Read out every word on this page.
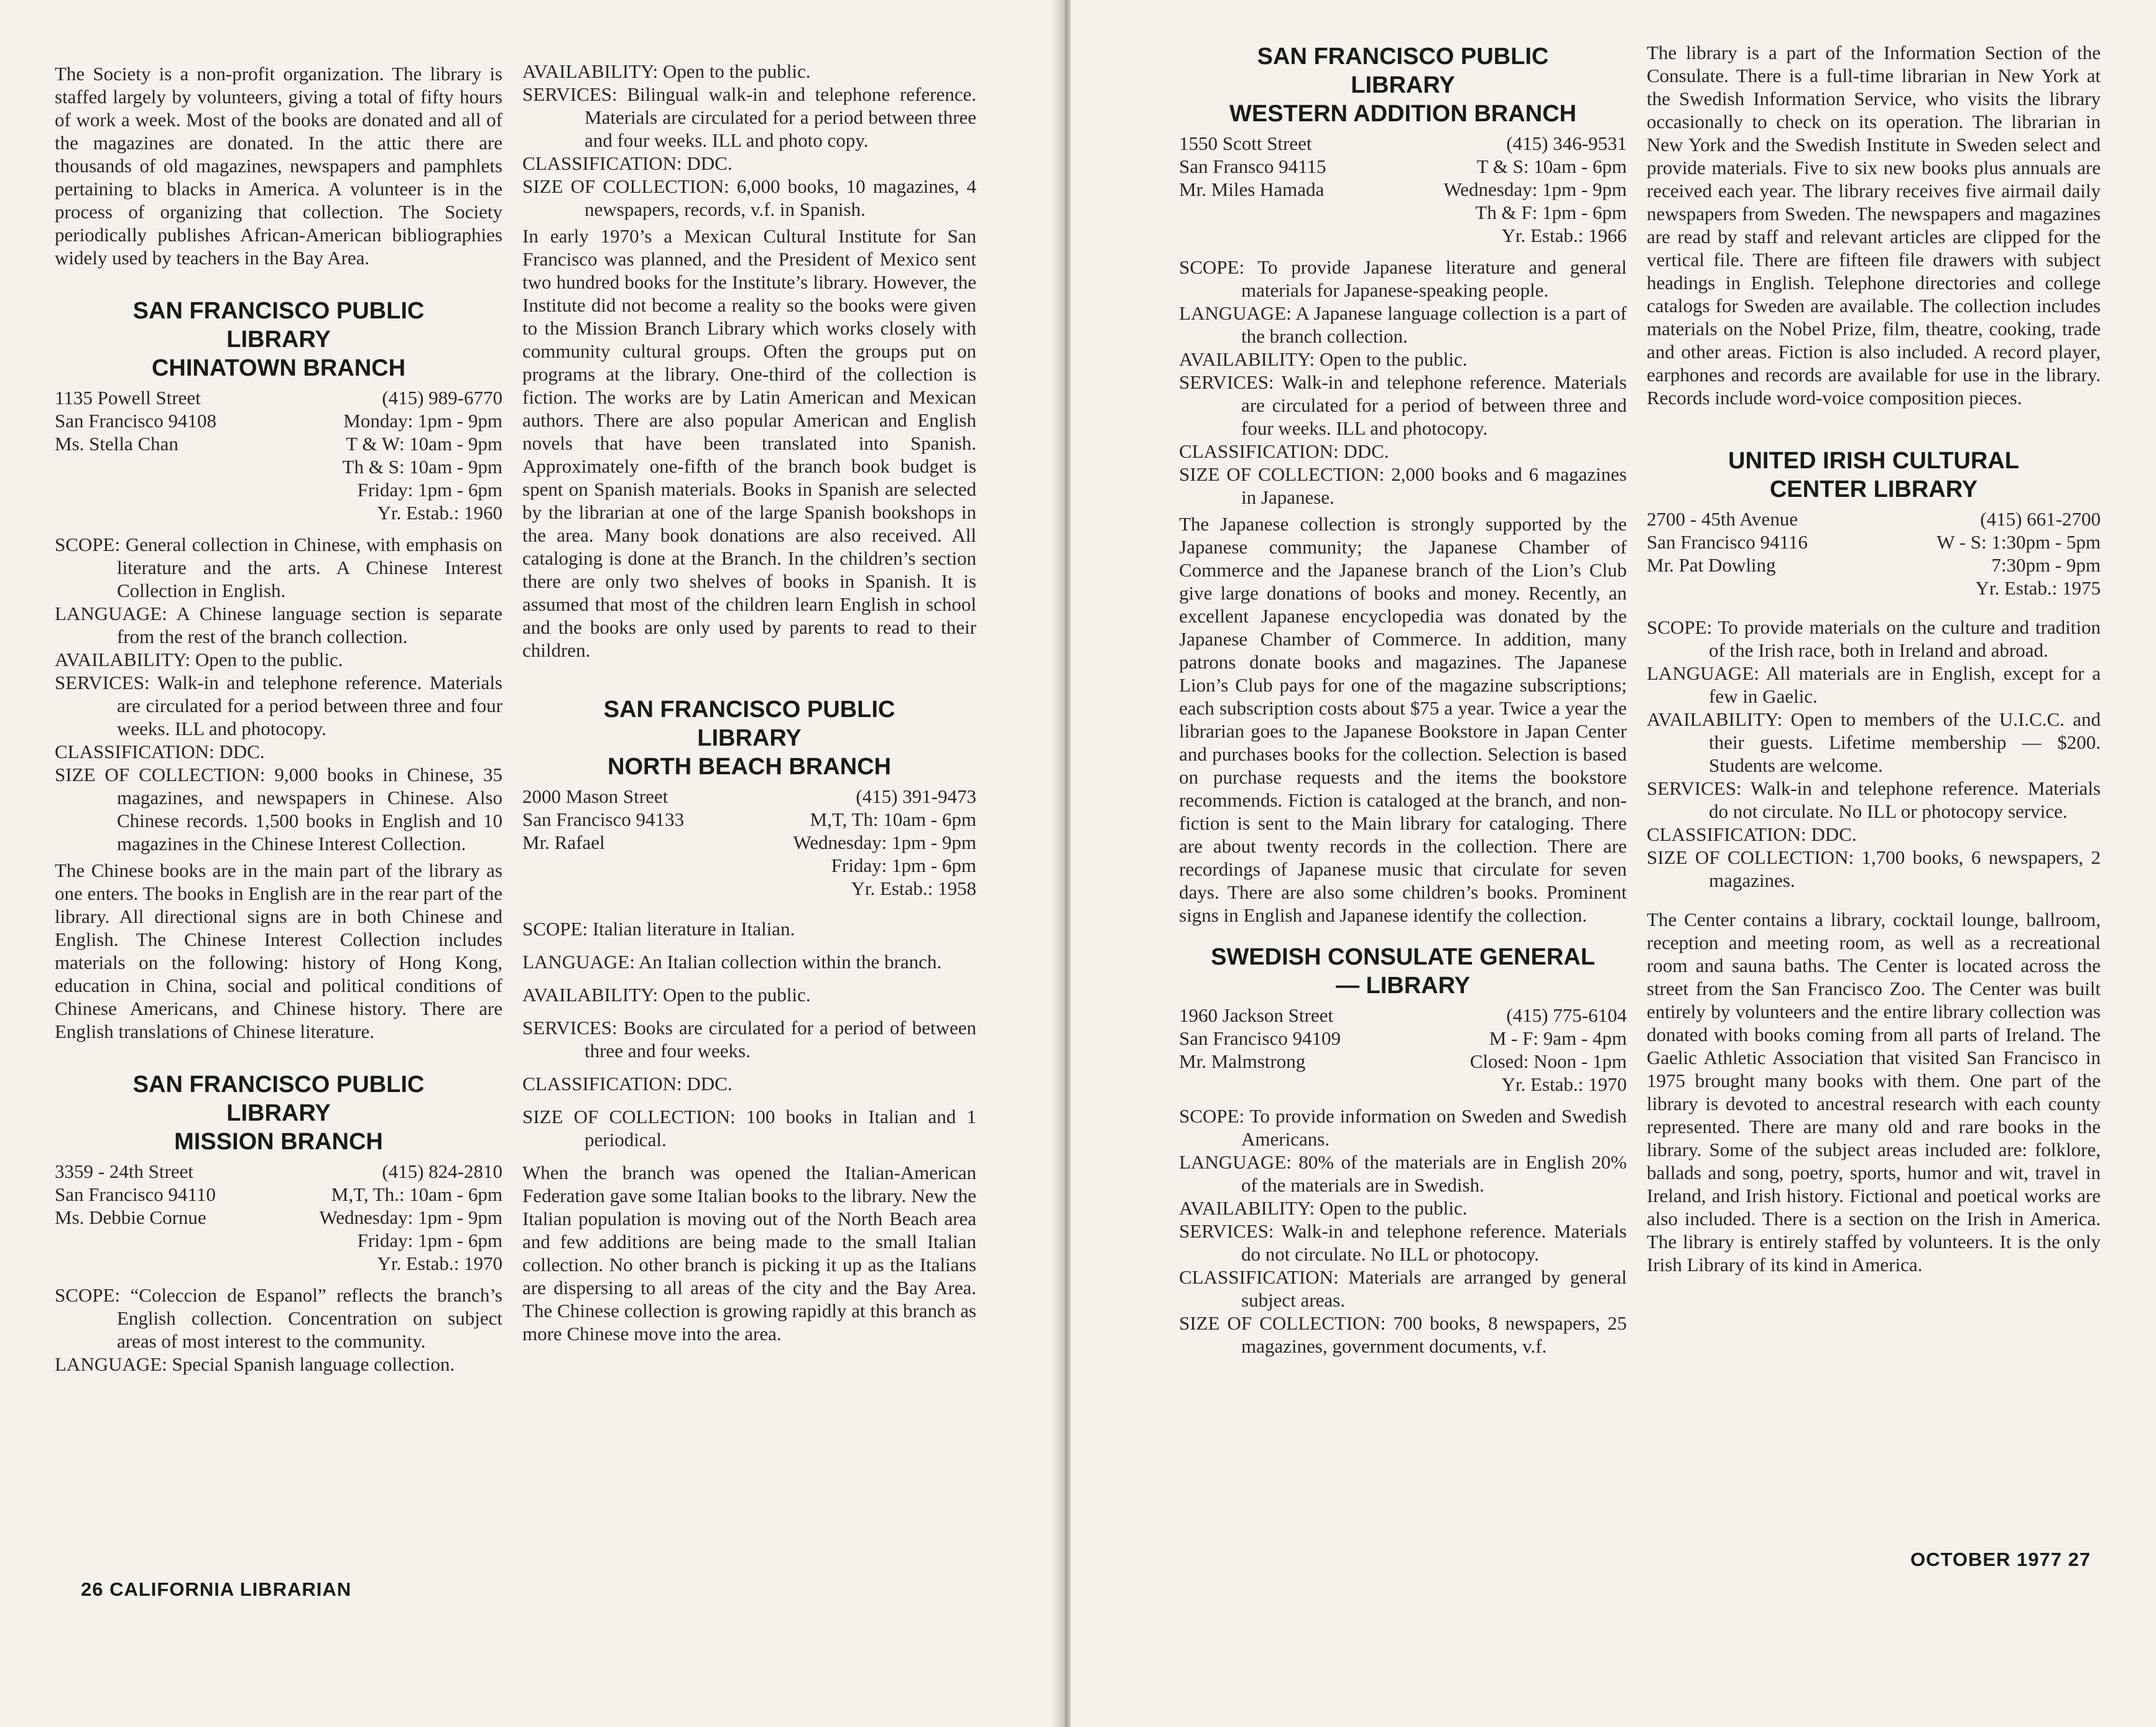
The Society is a non-profit organization. The library is staffed largely by volunteers, giving a total of fifty hours of work a week. Most of the books are donated and all of the magazines are donated. In the attic there are thousands of old magazines, newspapers and pamphlets pertaining to blacks in America. A volunteer is in the process of organizing that collection. The Society periodically publishes African-American bibliographies widely used by teachers in the Bay Area.

SAN FRANCISCO PUBLIC
LIBRARY
CHINATOWN BRANCH
1135 Powell Street
San Francisco 94108
Ms. Stella Chan
(415) 989-6770
Monday: 1pm - 9pm
T & W: 10am - 9pm
Th & S: 10am - 9pm
Friday: 1pm - 6pm
Yr. Estab.: 1960
SCOPE: General collection in Chinese, with emphasis on literature and the arts. A Chinese Interest Collection in English.
LANGUAGE: A Chinese language section is separate from the rest of the branch collection.
AVAILABILITY: Open to the public.
SERVICES: Walk-in and telephone reference. Materials are circulated for a period between three and four weeks. ILL and photocopy.
CLASSIFICATION: DDC.
SIZE OF COLLECTION: 9,000 books in Chinese, 35 magazines, and newspapers in Chinese. Also Chinese records. 1,500 books in English and 10 magazines in the Chinese Interest Collection.

The Chinese books are in the main part of the library as one enters. The books in English are in the rear part of the library. All directional signs are in both Chinese and English. The Chinese Interest Collection includes materials on the following: history of Hong Kong, education in China, social and political conditions of Chinese Americans, and Chinese history. There are English translations of Chinese literature.

SAN FRANCISCO PUBLIC
LIBRARY
MISSION BRANCH
3359 - 24th Street
San Francisco 94110
Ms. Debbie Cornue
(415) 824-2810
M,T, Th.: 10am - 6pm
Wednesday: 1pm - 9pm
Friday: 1pm - 6pm
Yr. Estab.: 1970
SCOPE: “Coleccion de Espanol” reflects the branch’s English collection. Concentration on subject areas of most interest to the community.
LANGUAGE: Special Spanish language collection.
AVAILABILITY: Open to the public.
SERVICES: Bilingual walk-in and telephone reference. Materials are circulated for a period between three and four weeks. ILL and photo copy.
CLASSIFICATION: DDC.
SIZE OF COLLECTION: 6,000 books, 10 magazines, 4 newspapers, records, v.f. in Spanish.

In early 1970’s a Mexican Cultural Institute for San Francisco was planned, and the President of Mexico sent two hundred books for the Institute’s library. However, the Institute did not become a reality so the books were given to the Mission Branch Library which works closely with community cultural groups. Often the groups put on programs at the library. One-third of the collection is fiction. The works are by Latin American and Mexican authors. There are also popular American and English novels that have been translated into Spanish. Approximately one-fifth of the branch book budget is spent on Spanish materials. Books in Spanish are selected by the librarian at one of the large Spanish bookshops in the area. Many book donations are also received. All cataloging is done at the Branch. In the children’s section there are only two shelves of books in Spanish. It is assumed that most of the children learn English in school and the books are only used by parents to read to their children.

SAN FRANCISCO PUBLIC
LIBRARY
NORTH BEACH BRANCH
2000 Mason Street
San Francisco 94133
Mr. Rafael
(415) 391-9473
M,T, Th: 10am - 6pm
Wednesday: 1pm - 9pm
Friday: 1pm - 6pm
Yr. Estab.: 1958
SCOPE: Italian literature in Italian.
LANGUAGE: An Italian collection within the branch.
AVAILABILITY: Open to the public.
SERVICES: Books are circulated for a period of between three and four weeks.
CLASSIFICATION: DDC.
SIZE OF COLLECTION: 100 books in Italian and 1 periodical.

When the branch was opened the Italian-American Federation gave some Italian books to the library. New the Italian population is moving out of the North Beach area and few additions are being made to the small Italian collection. No other branch is picking it up as the Italians are dispersing to all areas of the city and the Bay Area. The Chinese collection is growing rapidly at this branch as more Chinese move into the area.

26 CALIFORNIA LIBRARIAN
SAN FRANCISCO PUBLIC
LIBRARY
WESTERN ADDITION BRANCH
1550 Scott Street
San Fransco 94115
Mr. Miles Hamada
(415) 346-9531
T & S: 10am - 6pm
Wednesday: 1pm - 9pm
Th & F: 1pm - 6pm
Yr. Estab.: 1966
SCOPE: To provide Japanese literature and general materials for Japanese-speaking people.
LANGUAGE: A Japanese language collection is a part of the branch collection.
AVAILABILITY: Open to the public.
SERVICES: Walk-in and telephone reference. Materials are circulated for a period of between three and four weeks. ILL and photocopy.
CLASSIFICATION: DDC.
SIZE OF COLLECTION: 2,000 books and 6 magazines in Japanese.

The Japanese collection is strongly supported by the Japanese community; the Japanese Chamber of Commerce and the Japanese branch of the Lion’s Club give large donations of books and money. Recently, an excellent Japanese encyclopedia was donated by the Japanese Chamber of Commerce. In addition, many patrons donate books and magazines. The Japanese Lion’s Club pays for one of the magazine subscriptions; each subscription costs about $75 a year. Twice a year the librarian goes to the Japanese Bookstore in Japan Center and purchases books for the collection. Selection is based on purchase requests and the items the bookstore recommends. Fiction is cataloged at the branch, and non-fiction is sent to the Main library for cataloging. There are about twenty records in the collection. There are recordings of Japanese music that circulate for seven days. There are also some children’s books. Prominent signs in English and Japanese identify the collection.

SWEDISH CONSULATE GENERAL
— LIBRARY
1960 Jackson Street
San Francisco 94109
Mr. Malmstrong
(415) 775-6104
M - F: 9am - 4pm
Closed: Noon - 1pm
Yr. Estab.: 1970
SCOPE: To provide information on Sweden and Swedish Americans.
LANGUAGE: 80% of the materials are in English 20% of the materials are in Swedish.
AVAILABILITY: Open to the public.
SERVICES: Walk-in and telephone reference. Materials do not circulate. No ILL or photocopy.
CLASSIFICATION: Materials are arranged by general subject areas.
SIZE OF COLLECTION: 700 books, 8 newspapers, 25 magazines, government documents, v.f.

The library is a part of the Information Section of the Consulate. There is a full-time librarian in New York at the Swedish Information Service, who visits the library occasionally to check on its operation. The librarian in New York and the Swedish Institute in Sweden select and provide materials. Five to six new books plus annuals are received each year. The library receives five airmail daily newspapers from Sweden. The newspapers and magazines are read by staff and relevant articles are clipped for the vertical file. There are fifteen file drawers with subject headings in English. Telephone directories and college catalogs for Sweden are available. The collection includes materials on the Nobel Prize, film, theatre, cooking, trade and other areas. Fiction is also included. A record player, earphones and records are available for use in the library. Records include word-voice composition pieces.

UNITED IRISH CULTURAL
CENTER LIBRARY
2700 - 45th Avenue
San Francisco 94116
Mr. Pat Dowling
(415) 661-2700
W - S: 1:30pm - 5pm
7:30pm - 9pm
Yr. Estab.: 1975
SCOPE: To provide materials on the culture and tradition of the Irish race, both in Ireland and abroad.
LANGUAGE: All materials are in English, except for a few in Gaelic.
AVAILABILITY: Open to members of the U.I.C.C. and their guests. Lifetime membership — $200. Students are welcome.
SERVICES: Walk-in and telephone reference. Materials do not circulate. No ILL or photocopy service.
CLASSIFICATION: DDC.
SIZE OF COLLECTION: 1,700 books, 6 newspapers, 2 magazines.

The Center contains a library, cocktail lounge, ballroom, reception and meeting room, as well as a recreational room and sauna baths. The Center is located across the street from the San Francisco Zoo. The Center was built entirely by volunteers and the entire library collection was donated with books coming from all parts of Ireland. The Gaelic Athletic Association that visited San Francisco in 1975 brought many books with them. One part of the library is devoted to ancestral research with each county represented. There are many old and rare books in the library. Some of the subject areas included are: folklore, ballads and song, poetry, sports, humor and wit, travel in Ireland, and Irish history. Fictional and poetical works are also included. There is a section on the Irish in America. The library is entirely staffed by volunteers. It is the only Irish Library of its kind in America.

OCTOBER 1977 27
